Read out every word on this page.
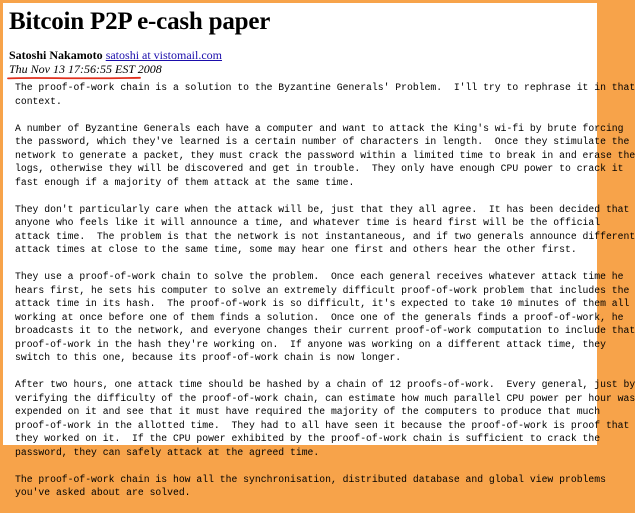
Bitcoin P2P e-cash paper
Satoshi Nakamoto satoshi at vistomail.com
Thu Nov 13 17:56:55 EST 2008

The proof-of-work chain is a solution to the Byzantine Generals' Problem.  I'll try to rephrase it in that
context.

A number of Byzantine Generals each have a computer and want to attack the King's wi-fi by brute forcing
the password, which they've learned is a certain number of characters in length.  Once they stimulate the
network to generate a packet, they must crack the password within a limited time to break in and erase the
logs, otherwise they will be discovered and get in trouble.  They only have enough CPU power to crack it
fast enough if a majority of them attack at the same time.

They don't particularly care when the attack will be, just that they all agree.  It has been decided that
anyone who feels like it will announce a time, and whatever time is heard first will be the official
attack time.  The problem is that the network is not instantaneous, and if two generals announce different
attack times at close to the same time, some may hear one first and others hear the other first.

They use a proof-of-work chain to solve the problem.  Once each general receives whatever attack time he
hears first, he sets his computer to solve an extremely difficult proof-of-work problem that includes the
attack time in its hash.  The proof-of-work is so difficult, it's expected to take 10 minutes of them all
working at once before one of them finds a solution.  Once one of the generals finds a proof-of-work, he
broadcasts it to the network, and everyone changes their current proof-of-work computation to include that
proof-of-work in the hash they're working on.  If anyone was working on a different attack time, they
switch to this one, because its proof-of-work chain is now longer.

After two hours, one attack time should be hashed by a chain of 12 proofs-of-work.  Every general, just by
verifying the difficulty of the proof-of-work chain, can estimate how much parallel CPU power per hour was
expended on it and see that it must have required the majority of the computers to produce that much
proof-of-work in the allotted time.  They had to all have seen it because the proof-of-work is proof that
they worked on it.  If the CPU power exhibited by the proof-of-work chain is sufficient to crack the
password, they can safely attack at the agreed time.

The proof-of-work chain is how all the synchronisation, distributed database and global view problems
you've asked about are solved.
